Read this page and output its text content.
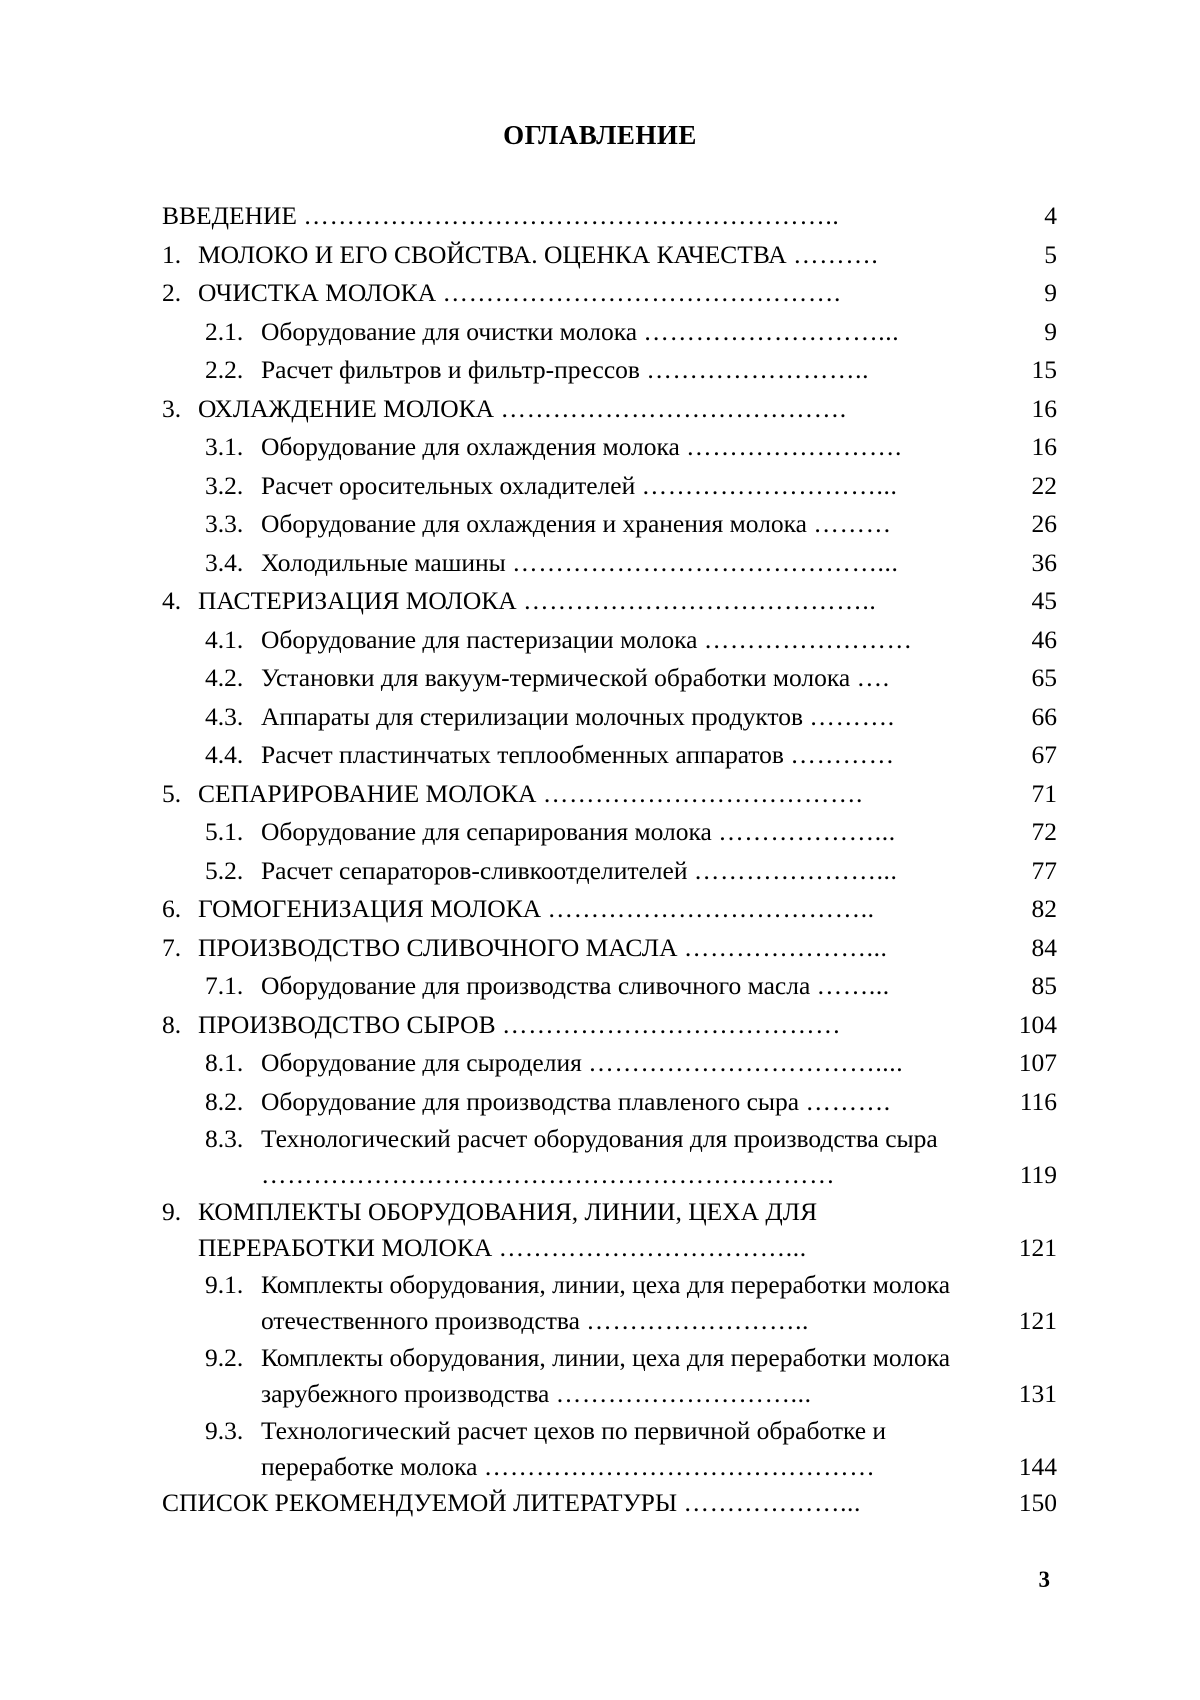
ОГЛАВЛЕНИЕ
ВВЕДЕНИЕ ……………………………………………………..	4
1. МОЛОКО И ЕГО СВОЙСТВА. ОЦЕНКА КАЧЕСТВА ……….	5
2. ОЧИСТКА МОЛОКА ……………………………………….	9
2.1. Оборудование для очистки молока ………………………...	9
2.2. Расчет фильтров и фильтр-прессов ……………………..	15
3. ОХЛАЖДЕНИЕ МОЛОКА ………………………………….	16
3.1. Оборудование для охлаждения молока …………………….	16
3.2. Расчет оросительных охладителей ………………………...	22
3.3. Оборудование для охлаждения и хранения молока ………	26
3.4. Холодильные машины ……………………………………...	36
4. ПАСТЕРИЗАЦИЯ МОЛОКА …………………………………..	45
4.1. Оборудование для пастеризации молока ……………………	46
4.2. Установки для вакуум-термической обработки молока ….	65
4.3. Аппараты для стерилизации молочных продуктов ……….	66
4.4. Расчет пластинчатых теплообменных аппаратов …………	67
5. СЕПАРИРОВАНИЕ МОЛОКА ……………………………….	71
5.1. Оборудование для сепарирования молока ………………...	72
5.2. Расчет сепараторов-сливкоотделителей …………………...	77
6. ГОМОГЕНИЗАЦИЯ МОЛОКА ………………………………..	82
7. ПРОИЗВОДСТВО СЛИВОЧНОГО МАСЛА …………………...	84
7.1. Оборудование для производства сливочного масла ……...	85
8. ПРОИЗВОДСТВО СЫРОВ …………………………………	104
8.1. Оборудование для сыроделия ……………………………....	107
8.2. Оборудование для производства плавленого сыра ……….	116
8.3. Технологический расчет оборудования для производства сыра …………………………………………………………	119
9. КОМПЛЕКТЫ ОБОРУДОВАНИЯ, ЛИНИИ, ЦЕХА ДЛЯ ПЕРЕРАБОТКИ МОЛОКА ……………………………...	121
9.1. Комплекты оборудования, линии, цеха для переработки молока отечественного производства ……………………..	121
9.2. Комплекты оборудования, линии, цеха для переработки молока зарубежного производства ………………………...	131
9.3. Технологический расчет цехов по первичной обработке и переработке молока ………………………………………	144
СПИСОК РЕКОМЕНДУЕМОЙ ЛИТЕРАТУРЫ ………………...	150
3
